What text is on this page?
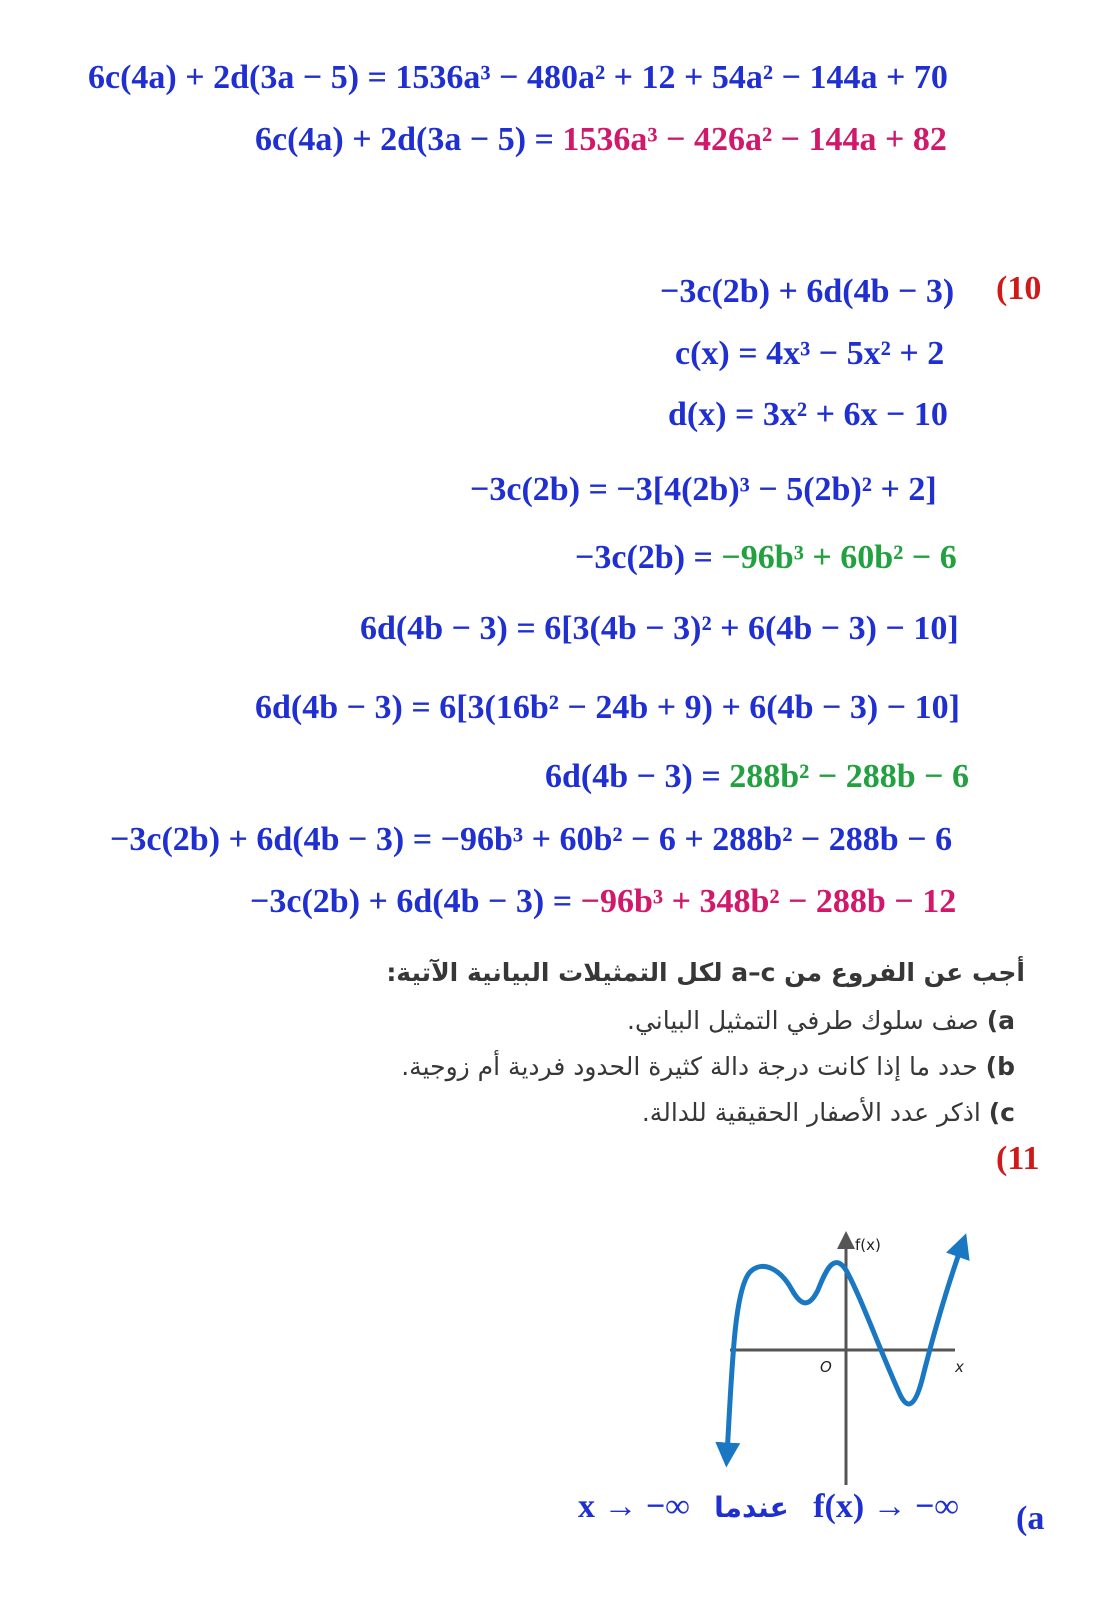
6c(4a) + 2d(3a − 5) = 1536a³ − 480a² + 12 + 54a² − 144a + 70
6c(4a) + 2d(3a − 5) = 1536a³ − 426a² − 144a + 82
(10
−3c(2b) + 6d(4b − 3)
c(x) = 4x³ − 5x² + 2
d(x) = 3x² + 6x − 10
−3c(2b) = −3[4(2b)³ − 5(2b)² + 2]
−3c(2b) = −96b³ + 60b² − 6
6d(4b − 3) = 6[3(4b − 3)² + 6(4b − 3) − 10]
6d(4b − 3) = 6[3(16b² − 24b + 9) + 6(4b − 3) − 10]
6d(4b − 3) = 288b² − 288b − 6
−3c(2b) + 6d(4b − 3) = −96b³ + 60b² − 6 + 288b² − 288b − 6
−3c(2b) + 6d(4b − 3) = −96b³ + 348b² − 288b − 12
أجب عن الفروع من a–c لكل التمثيلات البيانية الآتية:
a) صف سلوك طرفي التمثيل البياني.
b) حدد ما إذا كانت درجة دالة كثيرة الحدود فردية أم زوجية.
c) اذكر عدد الأصفار الحقيقية للدالة.
(11
f(x)
x
O
x → −∞ عندما f(x) → −∞ (a
